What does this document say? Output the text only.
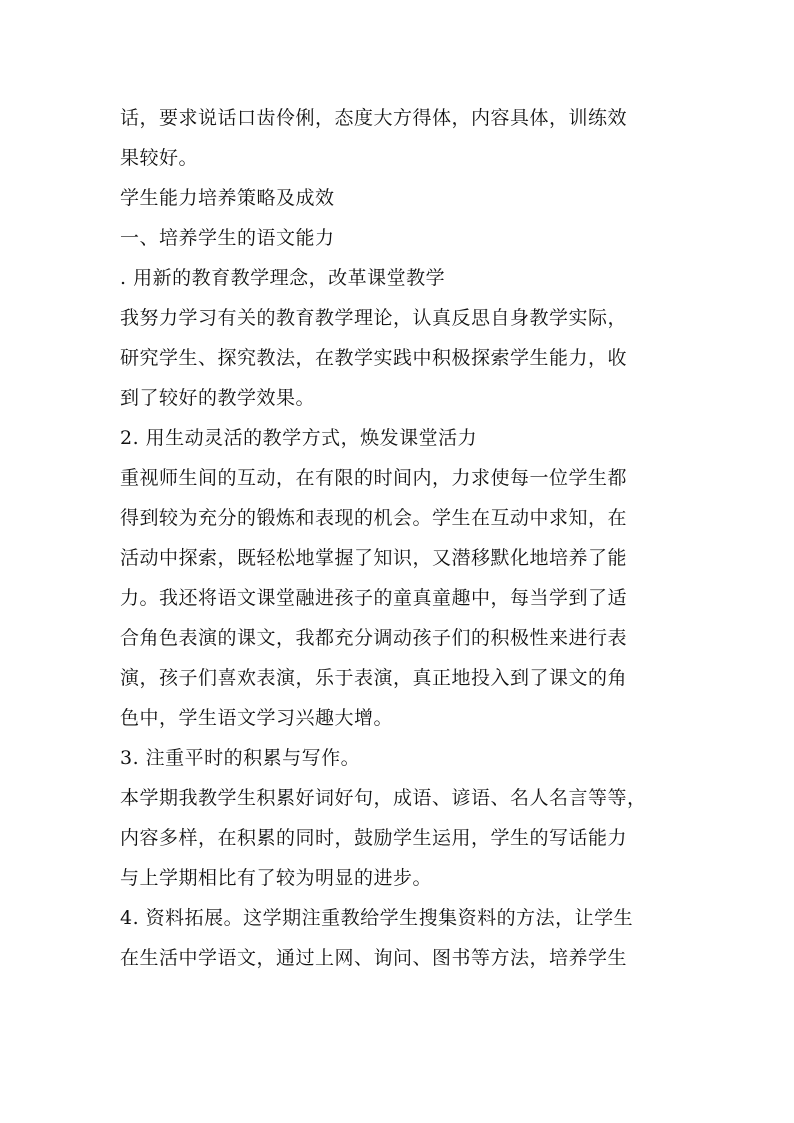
话，要求说话口齿伶俐，态度大方得体，内容具体，训练效
果较好。
学生能力培养策略及成效
一、培养学生的语文能力
. 用新的教育教学理念，改革课堂教学
我努力学习有关的教育教学理论，认真反思自身教学实际，
研究学生、探究教法，在教学实践中积极探索学生能力，收
到了较好的教学效果。
2. 用生动灵活的教学方式，焕发课堂活力
重视师生间的互动，在有限的时间内，力求使每一位学生都
得到较为充分的锻炼和表现的机会。学生在互动中求知，在
活动中探索，既轻松地掌握了知识，又潜移默化地培养了能
力。我还将语文课堂融进孩子的童真童趣中，每当学到了适
合角色表演的课文，我都充分调动孩子们的积极性来进行表
演，孩子们喜欢表演，乐于表演，真正地投入到了课文的角
色中，学生语文学习兴趣大增。
3. 注重平时的积累与写作。
本学期我教学生积累好词好句，成语、谚语、名人名言等等，
内容多样，在积累的同时，鼓励学生运用，学生的写话能力
与上学期相比有了较为明显的进步。
4. 资料拓展。这学期注重教给学生搜集资料的方法，让学生
在生活中学语文，通过上网、询问、图书等方法，培养学生
